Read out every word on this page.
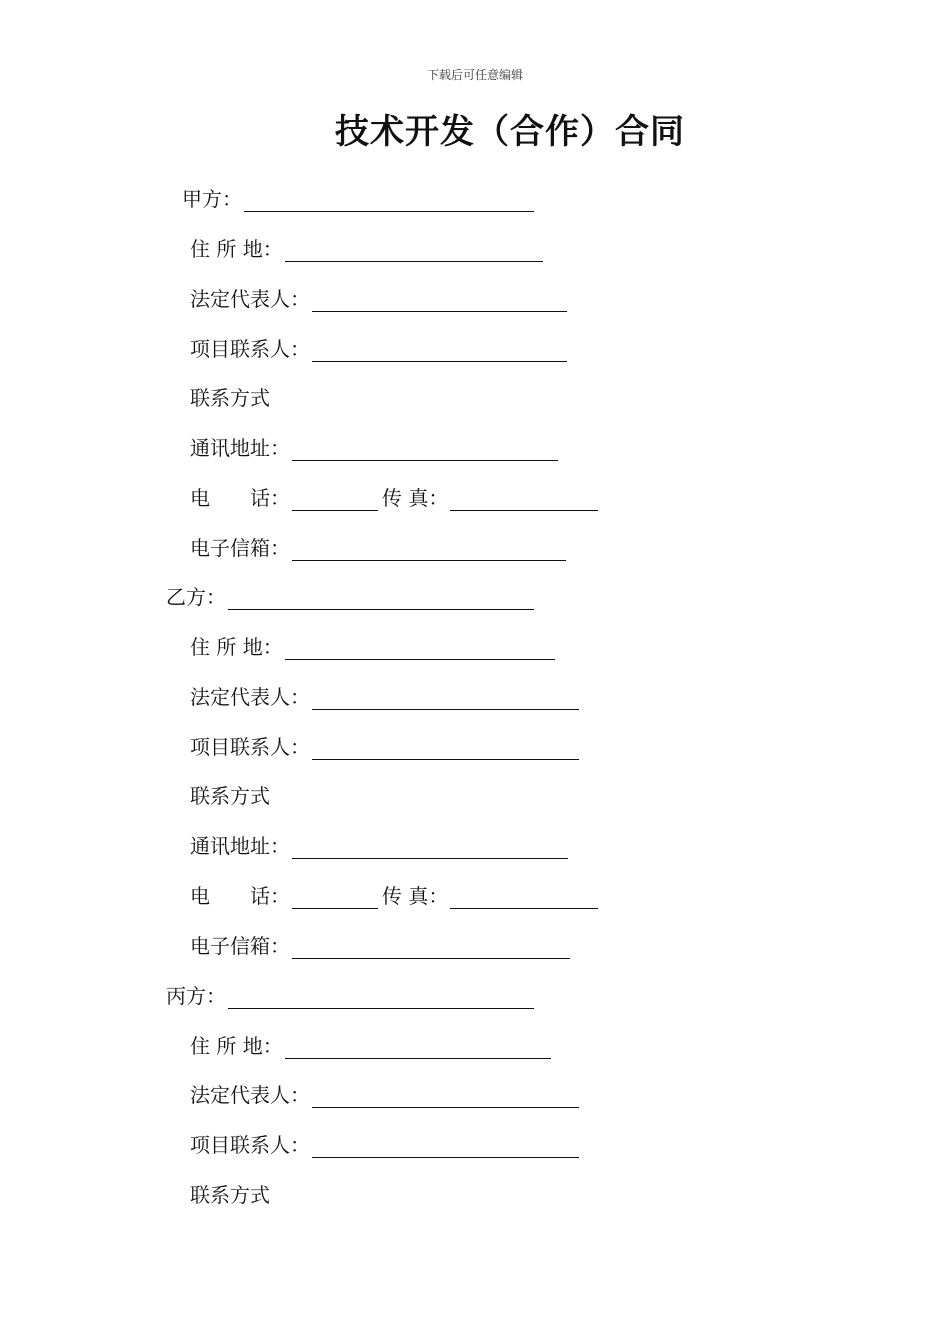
下载后可任意编辑
技术开发（合作）合同
甲方：
住 所 地：
法定代表人：
项目联系人：
联系方式
通讯地址：
电　　话：	传 真：
电子信箱：
乙方：
住 所 地：
法定代表人：
项目联系人：
联系方式
通讯地址：
电　　话：	传 真：
电子信箱：
丙方：
住 所 地：
法定代表人：
项目联系人：
联系方式
